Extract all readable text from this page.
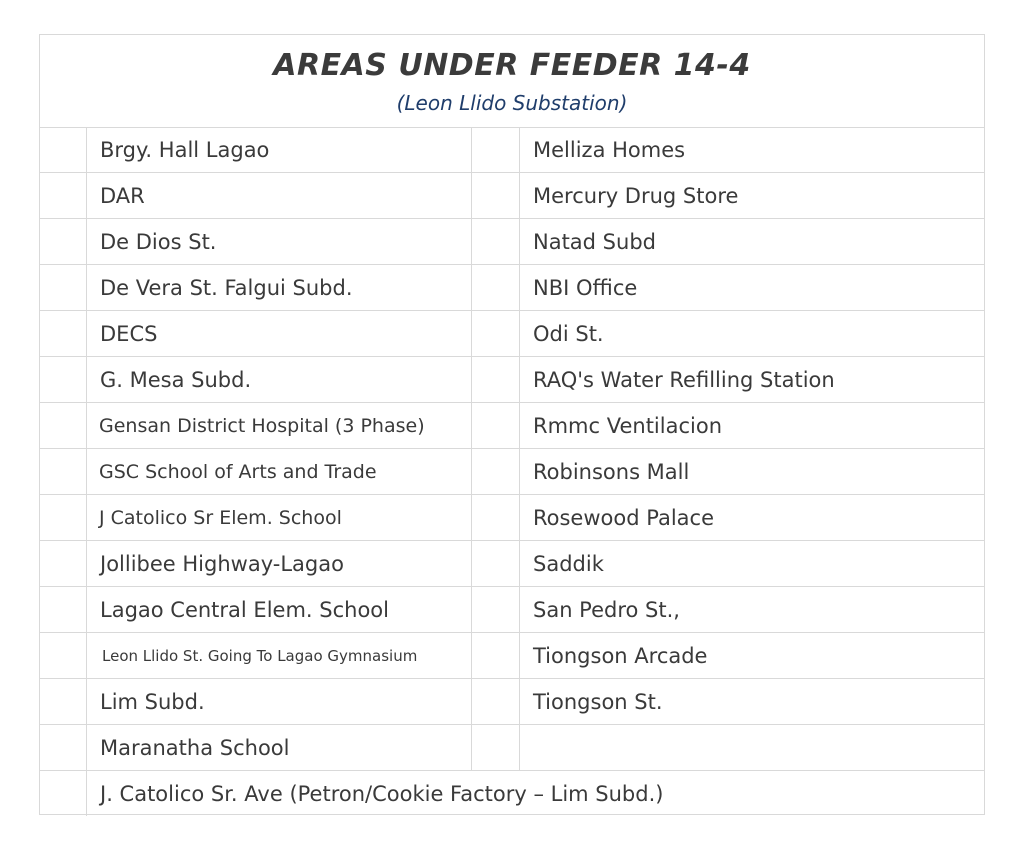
AREAS UNDER FEEDER 14-4
(Leon Llido Substation)
Brgy. Hall Lagao	Melliza Homes
DAR	Mercury Drug Store
De Dios St.	Natad Subd
De Vera St. Falgui Subd.	NBI Office
DECS	Odi St.
G. Mesa Subd.	RAQ's Water Refilling Station
Gensan District Hospital (3 Phase)	Rmmc Ventilacion
GSC School of Arts and Trade	Robinsons Mall
J Catolico Sr Elem. School	Rosewood Palace
Jollibee Highway-Lagao	Saddik
Lagao Central Elem. School	San Pedro St.,
Leon Llido St. Going To Lagao Gymnasium	Tiongson Arcade
Lim Subd.	Tiongson St.
Maranatha School
J. Catolico Sr. Ave (Petron/Cookie Factory – Lim Subd.)
